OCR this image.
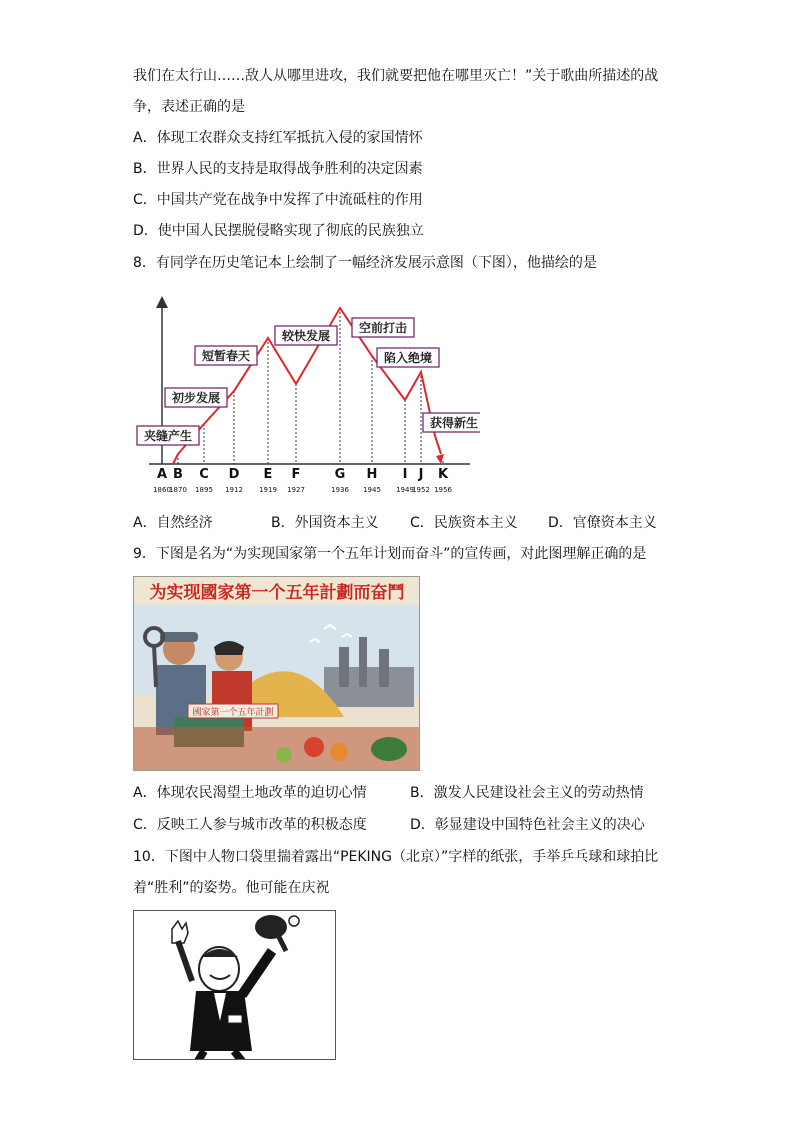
我们在太行山……敌人从哪里进攻，我们就要把他在哪里灭亡！”关于歌曲所描述的战
争，表述正确的是
A．体现工农群众支持红军抵抗入侵的家国情怀
B．世界人民的支持是取得战争胜利的决定因素
C．中国共产党在战争中发挥了中流砥柱的作用
D．使中国人民摆脱侵略实现了彻底的民族独立
8．有同学在历史笔记本上绘制了一幅经济发展示意图（下图），他描绘的是
A
1860
B
1870
C
1895
D
1912
E
1919
F
1927
G
1936
H
1945
I
1949
J
1952
K
1956
夹缝产生
初步发展
短暂春天
较快发展
空前打击
陷入绝境
获得新生
A．自然经济	B．外国资本主义 C．民族资本主义 D．官僚资本主义
9．下图是名为“为实现国家第一个五年计划而奋斗”的宣传画，对此图理解正确的是
國家第一个五年計劃
为实现國家第一个五年計劃而奋鬥
A．体现农民渴望土地改革的迫切心情	B．激发人民建设社会主义的劳动热情
C．反映工人参与城市改革的积极态度	D．彰显建设中国特色社会主义的决心
10．下图中人物口袋里揣着露出“PEKING（北京）”字样的纸张，手举乒乓球和球拍比
着“胜利”的姿势。他可能在庆祝
